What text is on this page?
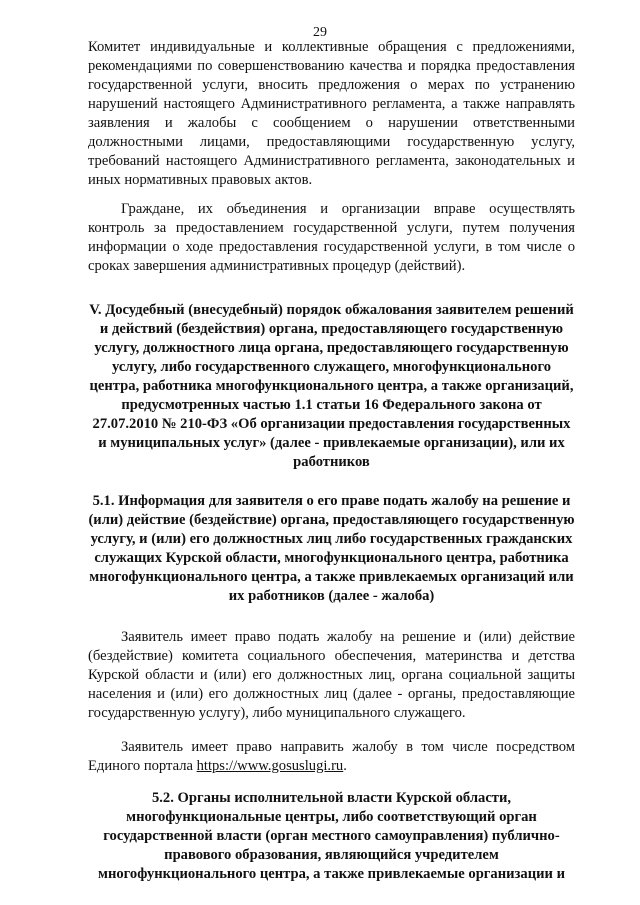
29

Комитет индивидуальные и коллективные обращения с предложениями, рекомендациями по совершенствованию качества и порядка предоставления государственной услуги, вносить предложения о мерах по устранению нарушений настоящего Административного регламента, а также направлять заявления и жалобы с сообщением о нарушении ответственными должностными лицами, предоставляющими государственную услугу, требований настоящего Административного регламента, законодательных и иных нормативных правовых актов.

Граждане, их объединения и организации вправе осуществлять контроль за предоставлением государственной услуги, путем получения информации о ходе предоставления государственной услуги, в том числе о сроках завершения административных процедур (действий).

V. Досудебный (внесудебный) порядок обжалования заявителем решений и действий (бездействия) органа, предоставляющего государственную услугу, должностного лица органа, предоставляющего государственную услугу, либо государственного служащего, многофункционального центра, работника многофункционального центра, а также организаций, предусмотренных частью 1.1 статьи 16 Федерального закона от 27.07.2010 № 210-ФЗ «Об организации предоставления государственных и муниципальных услуг» (далее - привлекаемые организации), или их работников
5.1. Информация для заявителя о его праве подать жалобу на решение и (или) действие (бездействие) органа, предоставляющего государственную услугу, и (или) его должностных лиц либо государственных гражданских служащих Курской области, многофункционального центра, работника многофункционального центра, а также привлекаемых организаций или их работников (далее - жалоба)

Заявитель имеет право подать жалобу на решение и (или) действие (бездействие) комитета социального обеспечения, материнства и детства Курской области и (или) его должностных лиц, органа социальной защиты населения и (или) его должностных лиц (далее - органы, предоставляющие государственную услугу), либо муниципального служащего.

Заявитель имеет право направить жалобу в том числе посредством Единого портала https://www.gosuslugi.ru.

5.2. Органы исполнительной власти Курской области, многофункциональные центры, либо соответствующий орган государственной власти (орган местного самоуправления) публично-правового образования, являющийся учредителем многофункционального центра, а также привлекаемые организации и
